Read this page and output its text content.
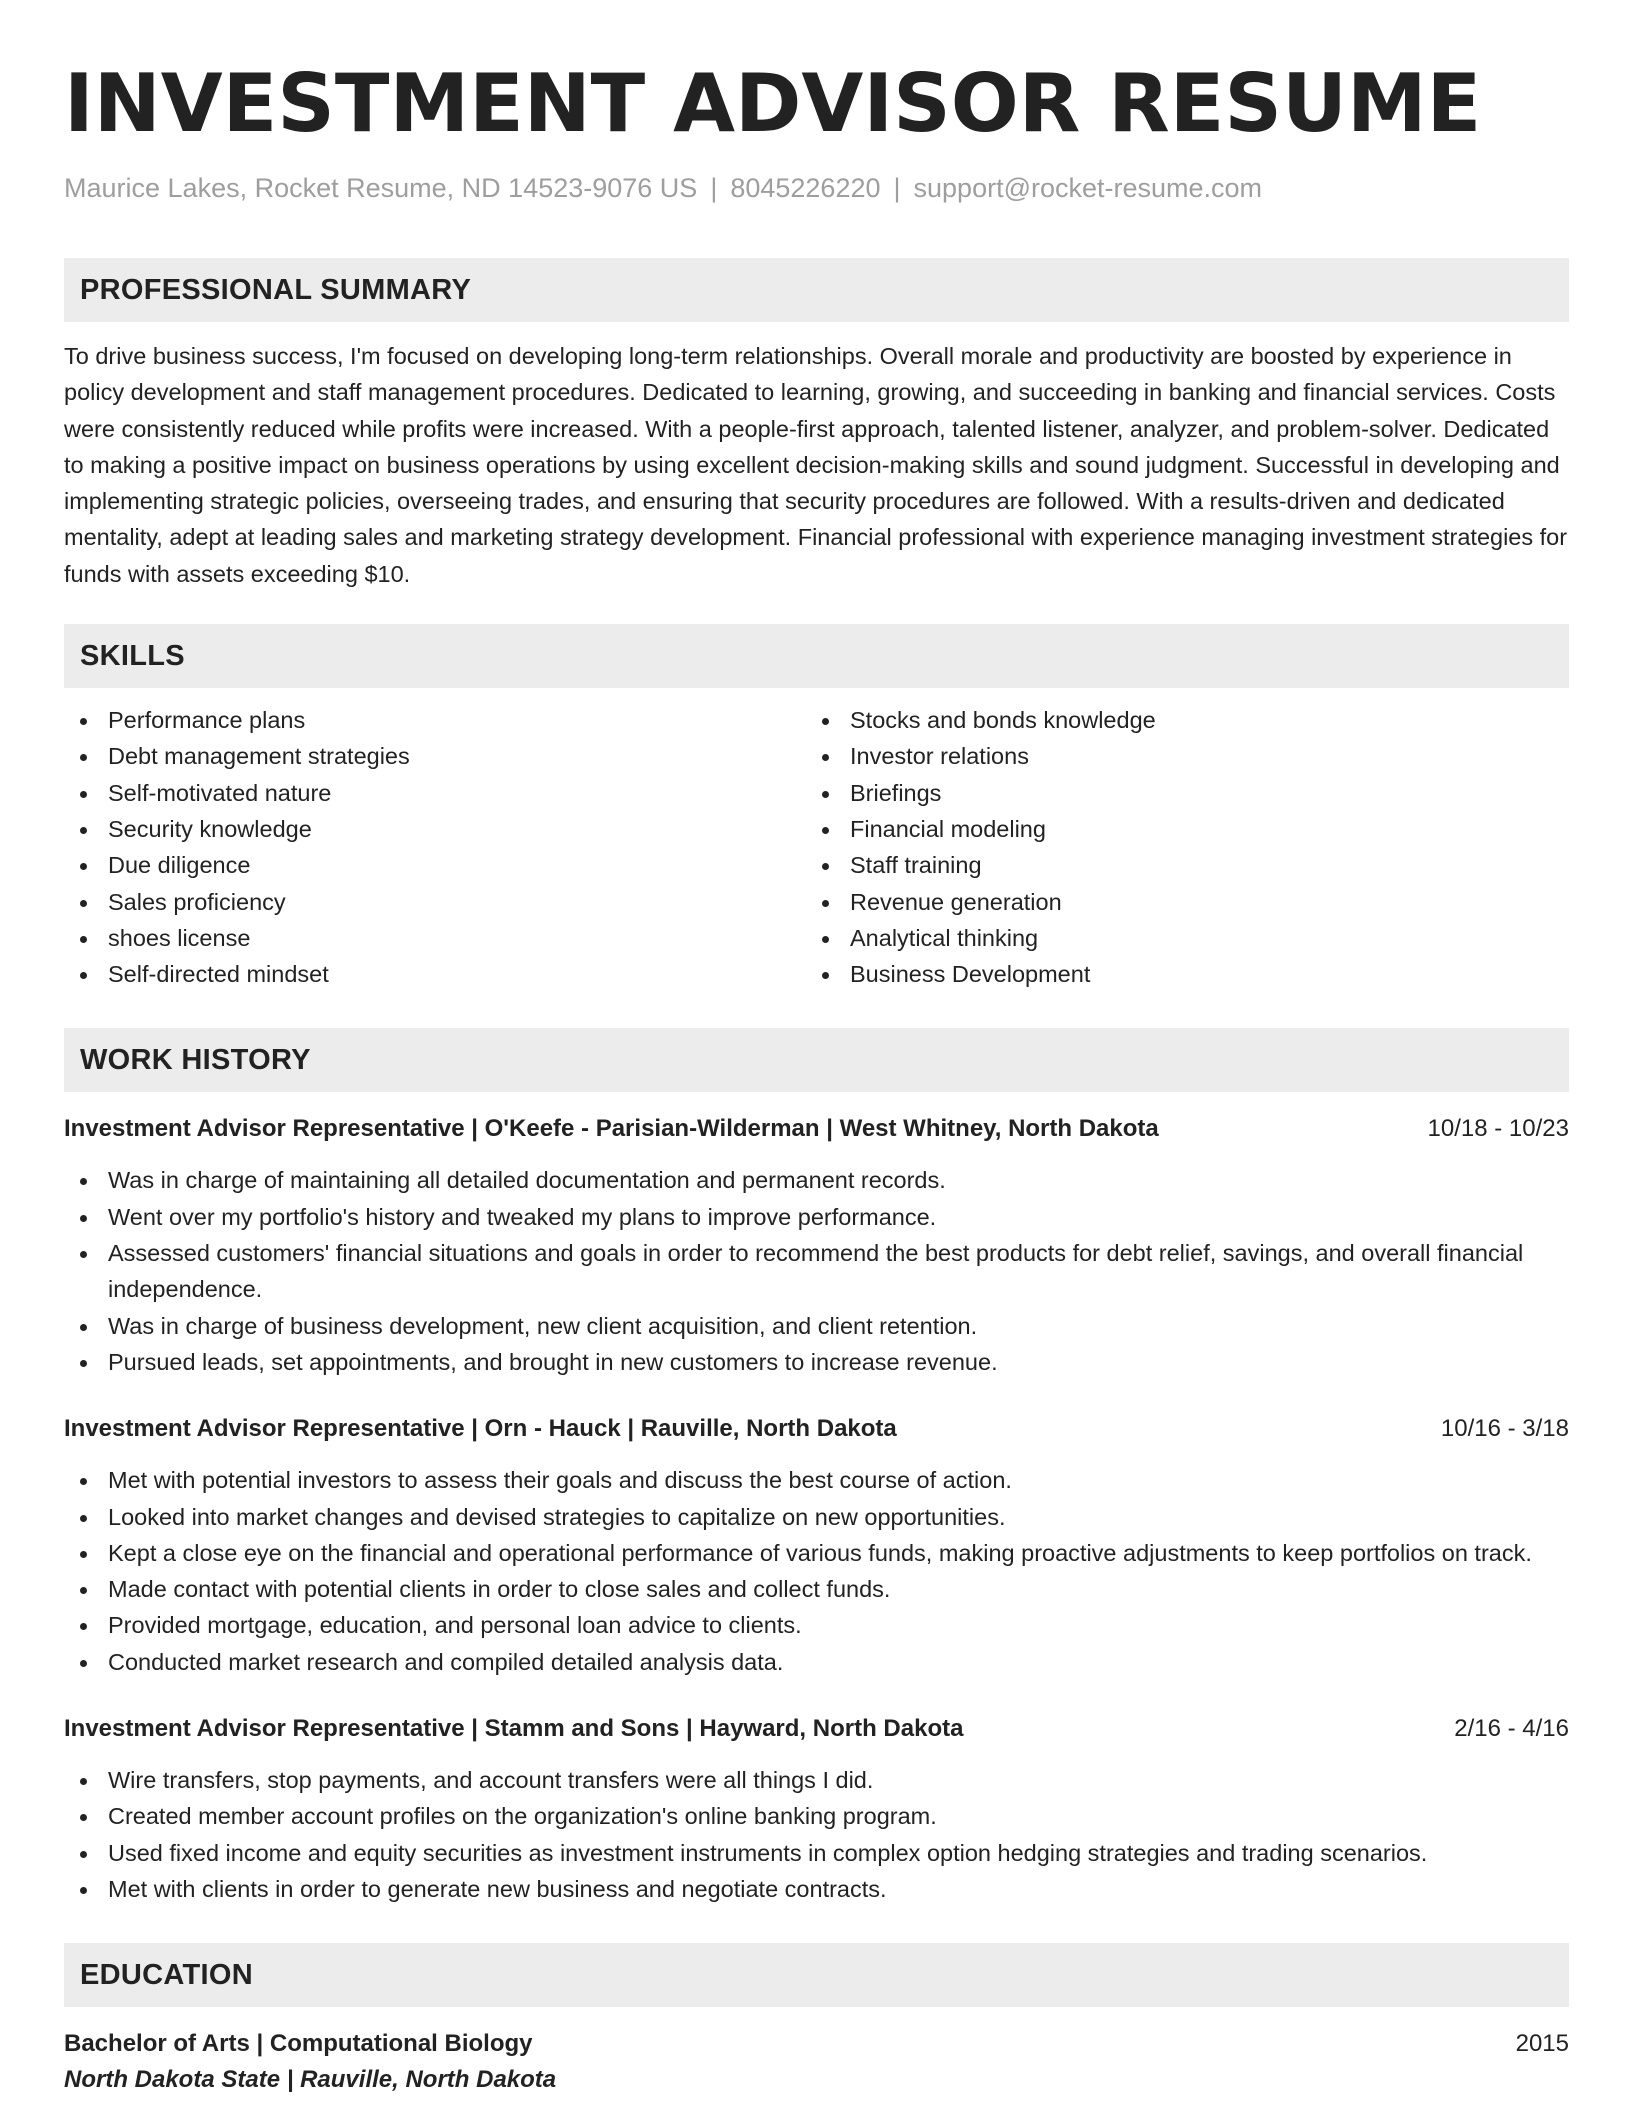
INVESTMENT ADVISOR RESUME
Maurice Lakes, Rocket Resume, ND 14523-9076 US | 8045226220 | support@rocket-resume.com
PROFESSIONAL SUMMARY

To drive business success, I'm focused on developing long-term relationships. Overall morale and productivity are boosted by experience in policy development and staff management procedures. Dedicated to learning, growing, and succeeding in banking and financial services. Costs were consistently reduced while profits were increased. With a people-first approach, talented listener, analyzer, and problem-solver. Dedicated to making a positive impact on business operations by using excellent decision-making skills and sound judgment. Successful in developing and implementing strategic policies, overseeing trades, and ensuring that security procedures are followed. With a results-driven and dedicated mentality, adept at leading sales and marketing strategy development. Financial professional with experience managing investment strategies for funds with assets exceeding $10.

SKILLS
Performance plans
Debt management strategies
Self-motivated nature
Security knowledge
Due diligence
Sales proficiency
shoes license
Self-directed mindset
Stocks and bonds knowledge
Investor relations
Briefings
Financial modeling
Staff training
Revenue generation
Analytical thinking
Business Development
WORK HISTORY
Investment Advisor Representative | O'Keefe - Parisian-Wilderman | West Whitney, North Dakota	10/18 - 10/23
Was in charge of maintaining all detailed documentation and permanent records.
Went over my portfolio's history and tweaked my plans to improve performance.
Assessed customers' financial situations and goals in order to recommend the best products for debt relief, savings, and overall financial independence.
Was in charge of business development, new client acquisition, and client retention.
Pursued leads, set appointments, and brought in new customers to increase revenue.
Investment Advisor Representative | Orn - Hauck | Rauville, North Dakota	10/16 - 3/18
Met with potential investors to assess their goals and discuss the best course of action.
Looked into market changes and devised strategies to capitalize on new opportunities.
Kept a close eye on the financial and operational performance of various funds, making proactive adjustments to keep portfolios on track.
Made contact with potential clients in order to close sales and collect funds.
Provided mortgage, education, and personal loan advice to clients.
Conducted market research and compiled detailed analysis data.
Investment Advisor Representative | Stamm and Sons | Hayward, North Dakota	2/16 - 4/16
Wire transfers, stop payments, and account transfers were all things I did.
Created member account profiles on the organization's online banking program.
Used fixed income and equity securities as investment instruments in complex option hedging strategies and trading scenarios.
Met with clients in order to generate new business and negotiate contracts.
EDUCATION
Bachelor of Arts | Computational Biology	2015
North Dakota State | Rauville, North Dakota
